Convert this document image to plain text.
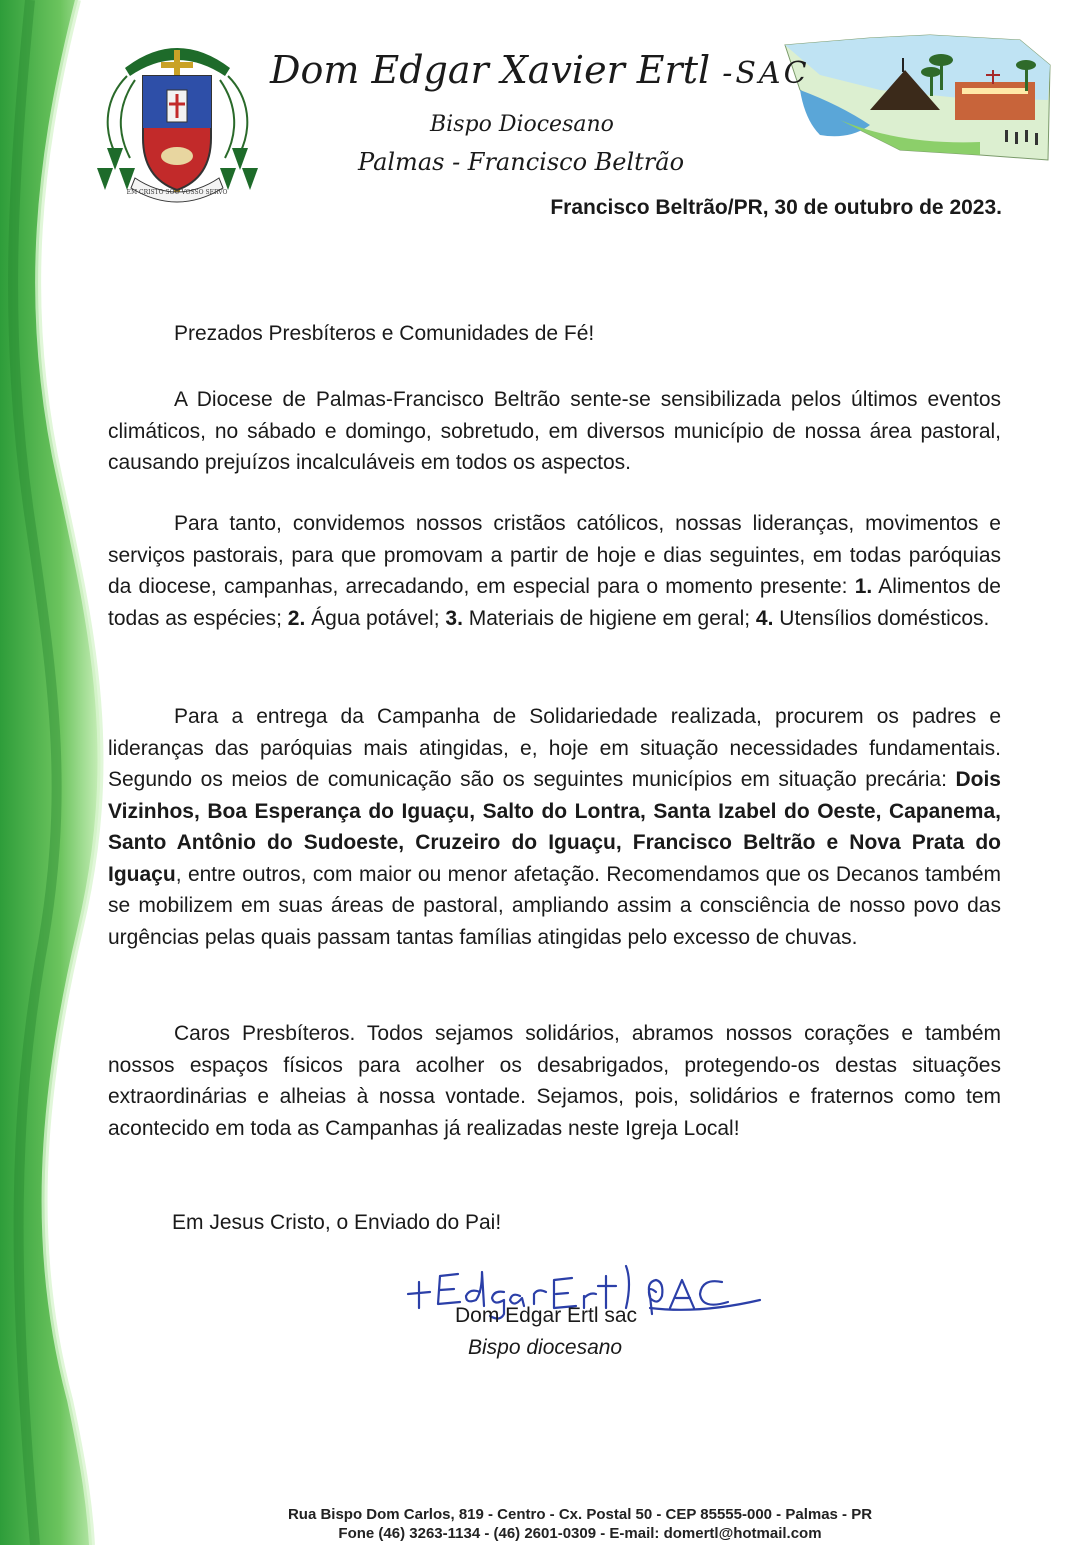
EM CRISTO SOU VOSSO SERVO
Dom Edgar Xavier Ertl -SAC
Bispo Diocesano
Palmas - Francisco Beltrão
Francisco Beltrão/PR, 30 de outubro de 2023.
Prezados Presbíteros e Comunidades de Fé!

A Diocese de Palmas-Francisco Beltrão sente-se sensibilizada pelos últimos eventos climáticos, no sábado e domingo, sobretudo, em diversos município de nossa área pastoral, causando prejuízos incalculáveis em todos os aspectos.

Para tanto, convidemos nossos cristãos católicos, nossas lideranças, movimentos e serviços pastorais, para que promovam a partir de hoje e dias seguintes, em todas paróquias da diocese, campanhas, arrecadando, em especial para o momento presente: 1. Alimentos de todas as espécies; 2. Água potável; 3. Materiais de higiene em geral; 4. Utensílios domésticos.

Para a entrega da Campanha de Solidariedade realizada, procurem os padres e lideranças das paróquias mais atingidas, e, hoje em situação necessidades fundamentais. Segundo os meios de comunicação são os seguintes municípios em situação precária: Dois Vizinhos, Boa Esperança do Iguaçu, Salto do Lontra, Santa Izabel do Oeste, Capanema, Santo Antônio do Sudoeste, Cruzeiro do Iguaçu, Francisco Beltrão e Nova Prata do Iguaçu, entre outros, com maior ou menor afetação. Recomendamos que os Decanos também se mobilizem em suas áreas de pastoral, ampliando assim a consciência de nosso povo das urgências pelas quais passam tantas famílias atingidas pelo excesso de chuvas.

Caros Presbíteros. Todos sejamos solidários, abramos nossos corações e também nossos espaços físicos para acolher os desabrigados, protegendo-os destas situações extraordinárias e alheias à nossa vontade. Sejamos, pois, solidários e fraternos como tem acontecido em toda as Campanhas já realizadas neste Igreja Local!

Em Jesus Cristo, o Enviado do Pai!
Dom Edgar Ertl sac
Bispo diocesano
Rua Bispo Dom Carlos, 819 - Centro - Cx. Postal 50 - CEP 85555-000 - Palmas - PR
Fone (46) 3263-1134 - (46) 2601-0309 - E-mail: domertl@hotmail.com
